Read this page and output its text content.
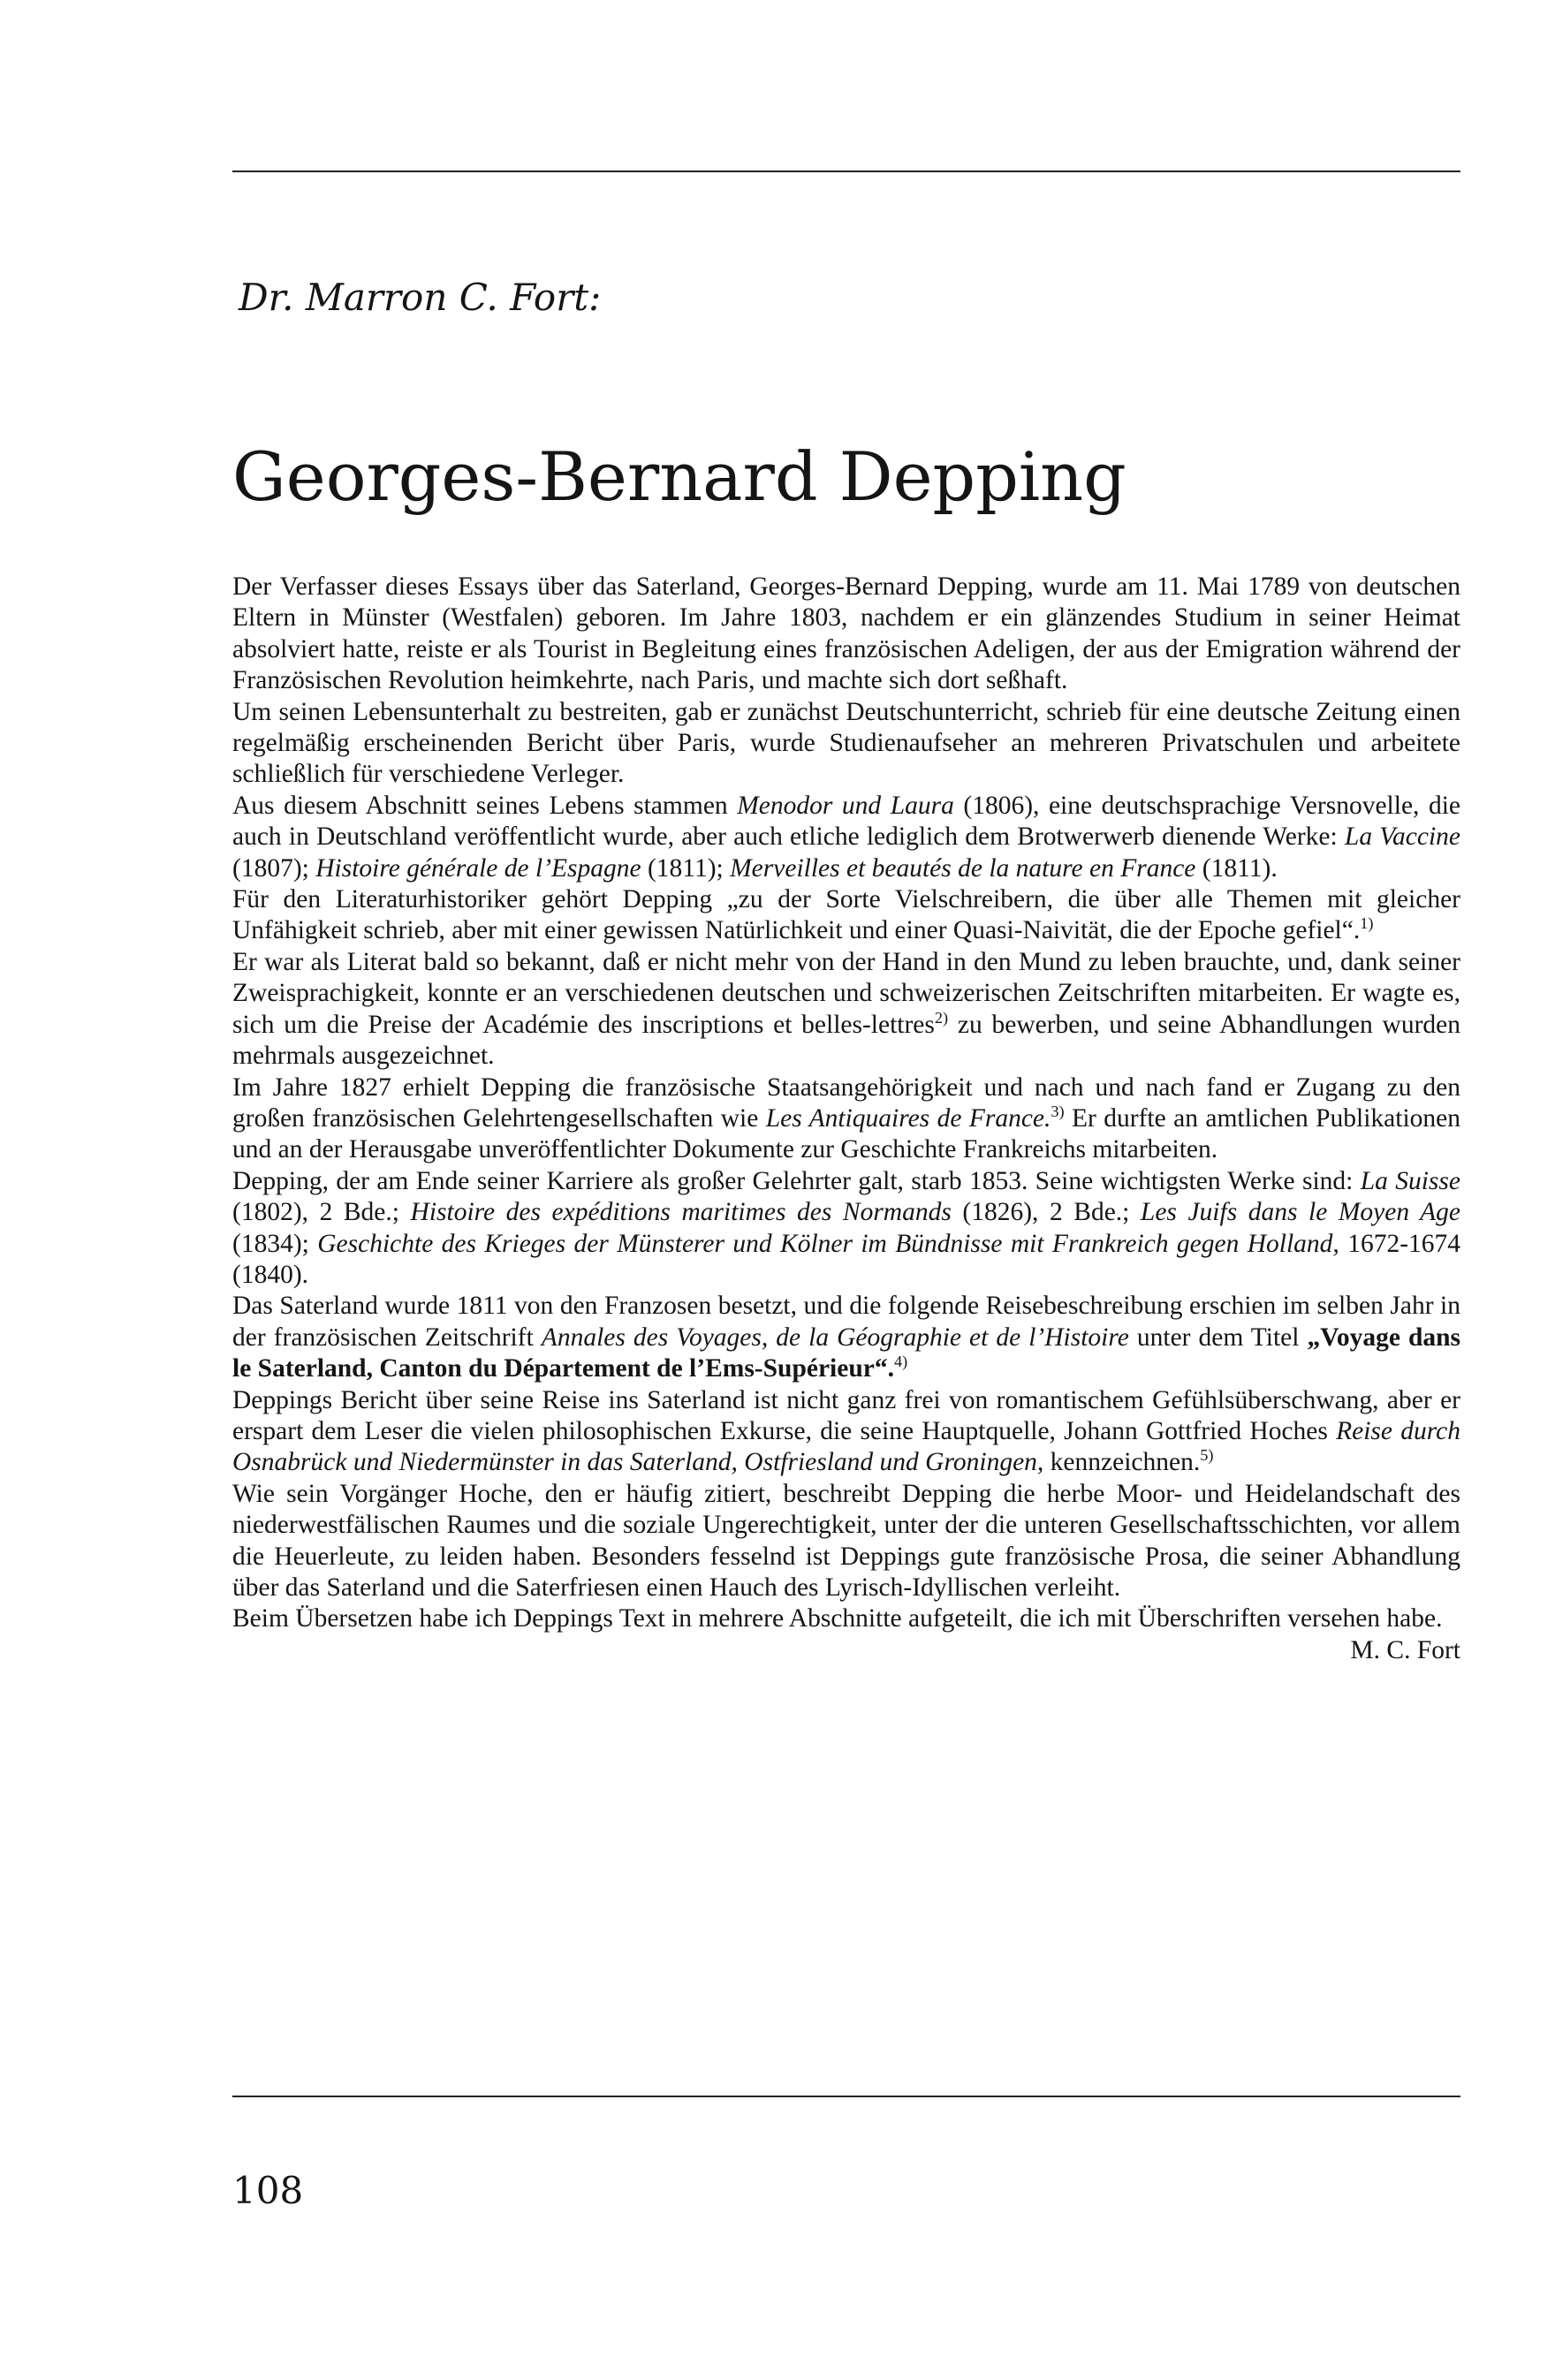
Dr. Marron C. Fort:

Georges-Bernard Depping

Der Verfasser dieses Essays über das Saterland, Georges-Bernard Depping, wurde am 11. Mai 1789 von deutschen Eltern in Münster (Westfalen) geboren. Im Jahre 1803, nachdem er ein glänzendes Studium in seiner Heimat absolviert hatte, reiste er als Tourist in Begleitung eines französischen Adeligen, der aus der Emigration während der Französischen Revolution heimkehrte, nach Paris, und machte sich dort seßhaft.

Um seinen Lebensunterhalt zu bestreiten, gab er zunächst Deutschunterricht, schrieb für eine deutsche Zeitung einen regelmäßig erscheinenden Bericht über Paris, wurde Studienaufseher an mehreren Privatschulen und arbeitete schließlich für verschiedene Verleger.

Aus diesem Abschnitt seines Lebens stammen Menodor und Laura (1806), eine deutschsprachige Versnovelle, die auch in Deutschland veröffentlicht wurde, aber auch etliche lediglich dem Brotwerwerb dienende Werke: La Vaccine (1807); Histoire générale de l’Espagne (1811); Merveilles et beautés de la nature en France (1811).

Für den Literaturhistoriker gehört Depping „zu der Sorte Vielschreibern, die über alle Themen mit gleicher Unfähigkeit schrieb, aber mit einer gewissen Natürlichkeit und einer Quasi-Naivität, die der Epoche gefiel“.$^{1)}$

Er war als Literat bald so bekannt, daß er nicht mehr von der Hand in den Mund zu leben brauchte, und, dank seiner Zweisprachigkeit, konnte er an verschiedenen deutschen und schweizerischen Zeitschriften mitarbeiten. Er wagte es, sich um die Preise der Académie des inscriptions et belles-lettres$^{2)}$ zu bewerben, und seine Abhandlungen wurden mehrmals ausgezeichnet.

Im Jahre 1827 erhielt Depping die französische Staatsangehörigkeit und nach und nach fand er Zugang zu den großen französischen Gelehrtengesellschaften wie Les Antiquaires de France.$^{3)}$ Er durfte an amtlichen Publikationen und an der Herausgabe unveröffentlichter Dokumente zur Geschichte Frankreichs mitarbeiten.

Depping, der am Ende seiner Karriere als großer Gelehrter galt, starb 1853. Seine wichtigsten Werke sind: La Suisse (1802), 2 Bde.; Histoire des expéditions maritimes des Normands (1826), 2 Bde.; Les Juifs dans le Moyen Age (1834); Geschichte des Krieges der Münsterer und Kölner im Bündnisse mit Frankreich gegen Holland, 1672-1674 (1840).

Das Saterland wurde 1811 von den Franzosen besetzt, und die folgende Reisebeschreibung erschien im selben Jahr in der französischen Zeitschrift Annales des Voyages, de la Géographie et de l’Histoire unter dem Titel „Voyage dans le Saterland, Canton du Département de l’Ems-Supérieur“.$^{4)}$

Deppings Bericht über seine Reise ins Saterland ist nicht ganz frei von romantischem Gefühlsüberschwang, aber er erspart dem Leser die vielen philosophischen Exkurse, die seine Hauptquelle, Johann Gottfried Hoches Reise durch Osnabrück und Niedermünster in das Saterland, Ostfriesland und Groningen, kennzeichnen.$^{5)}$

Wie sein Vorgänger Hoche, den er häufig zitiert, beschreibt Depping die herbe Moor- und Heidelandschaft des niederwestfälischen Raumes und die soziale Ungerechtigkeit, unter der die unteren Gesellschaftsschichten, vor allem die Heuerleute, zu leiden haben. Besonders fesselnd ist Deppings gute französische Prosa, die seiner Abhandlung über das Saterland und die Saterfriesen einen Hauch des Lyrisch-Idyllischen verleiht.

Beim Übersetzen habe ich Deppings Text in mehrere Abschnitte aufgeteilt, die ich mit Überschriften versehen habe.
M. C. Fort

108
